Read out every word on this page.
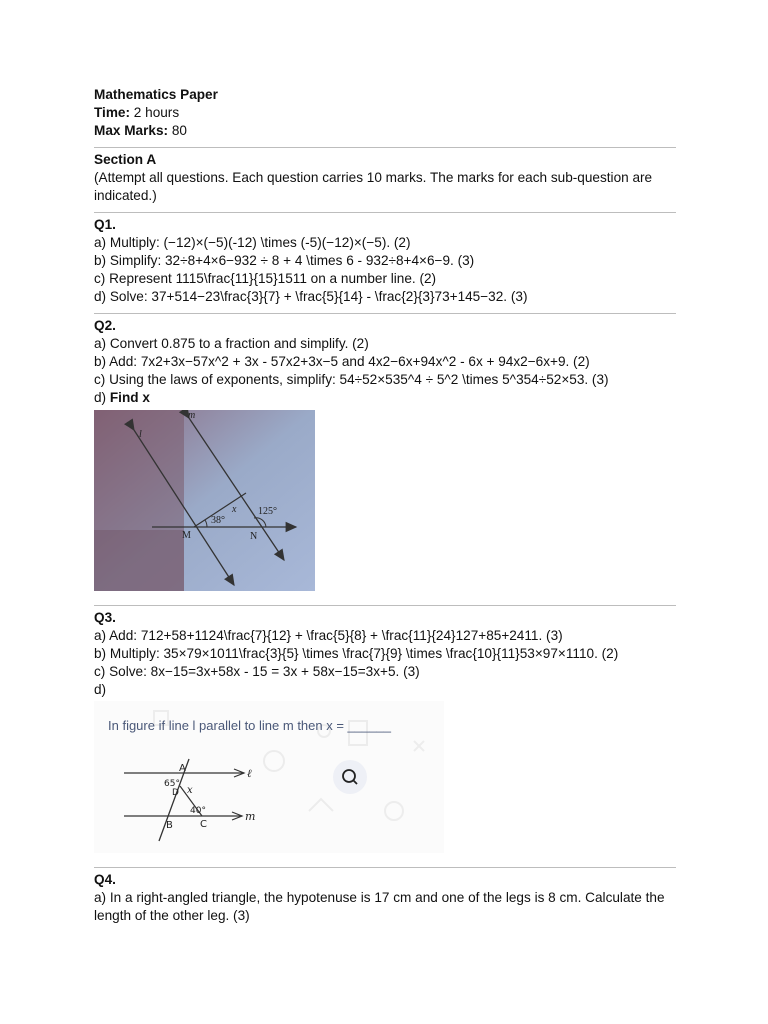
Mathematics Paper
Time: 2 hours
Max Marks: 80
Section A
(Attempt all questions. Each question carries 10 marks. The marks for each sub-question are indicated.)
Q1.
a) Multiply: (−12)×(−5)(-12) \times (-5)(−12)×(−5). (2)
b) Simplify: 32÷8+4×6−932 ÷ 8 + 4 \times 6 - 932÷8+4×6−9. (3)
c) Represent 1115\frac{11}{15}1511 on a number line. (2)
d) Solve: 37+514−23\frac{3}{7} + \frac{5}{14} - \frac{2}{3}73+145−32. (3)
Q2.
a) Convert 0.875 to a fraction and simplify. (2)
b) Add: 7x2+3x−57x^2 + 3x - 57x2+3x−5 and 4x2−6x+94x^2 - 6x + 94x2−6x+9. (2)
c) Using the laws of exponents, simplify: 54÷52×535^4 ÷ 5^2 \times 5^354÷52×53. (3)
d) Find x
l
m
x
38°
125°
M	N
Q3.
a) Add: 712+58+1124\frac{7}{12} + \frac{5}{8} + \frac{11}{24}127+85+2411. (3)
b) Multiply: 35×79×1011\frac{3}{5} \times \frac{7}{9} \times \frac{10}{11}53×97×1110. (2)
c) Solve: 8x−15=3x+58x - 15 = 3x + 58x−15=3x+5. (3)
d)
In figure if line l parallel to line m then x = ______
A	ℓ
65°
D x
40°
B	C
m
Q4.
a) In a right-angled triangle, the hypotenuse is 17 cm and one of the legs is 8 cm. Calculate the length of the other leg. (3)
